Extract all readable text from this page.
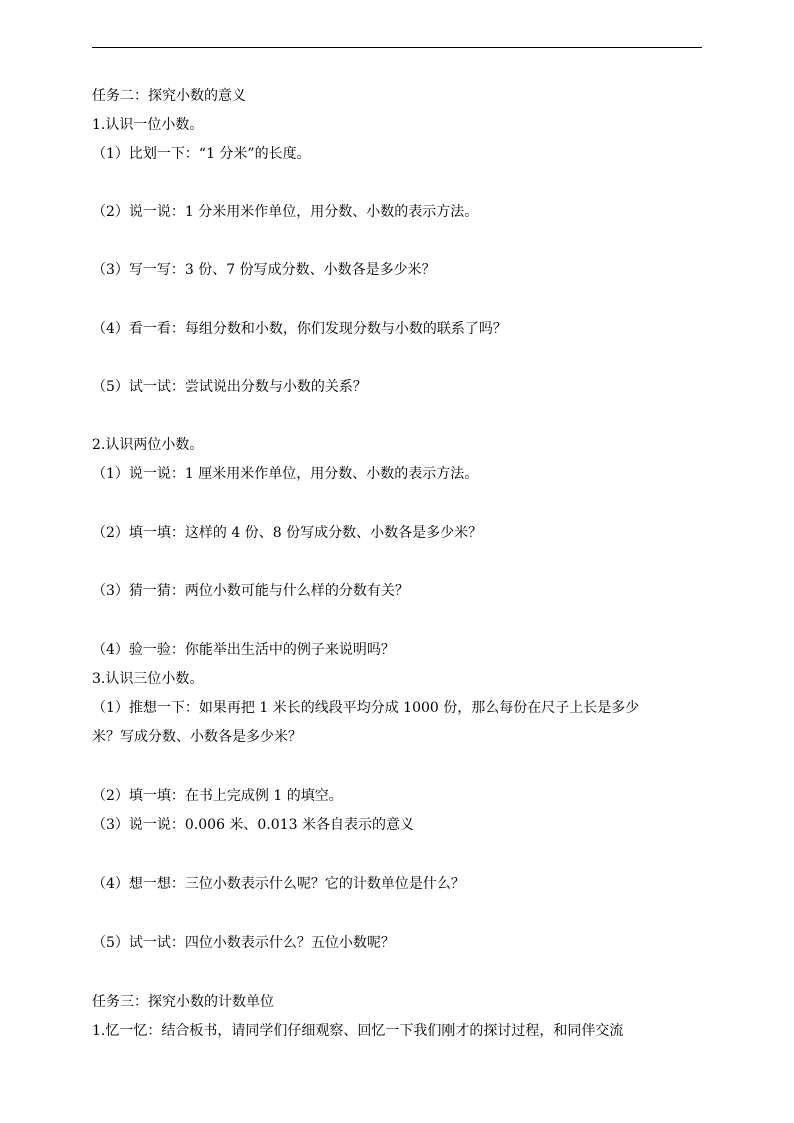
任务二：探究小数的意义
1.认识一位小数。
（1）比划一下：“1 分米”的长度。
（2）说一说：1 分米用米作单位，用分数、小数的表示方法。
（3）写一写：3 份、7 份写成分数、小数各是多少米？
（4）看一看：每组分数和小数，你们发现分数与小数的联系了吗？
（5）试一试：尝试说出分数与小数的关系？
2.认识两位小数。
（1）说一说：1 厘米用米作单位，用分数、小数的表示方法。
（2）填一填：这样的 4 份、8 份写成分数、小数各是多少米？
（3）猜一猜：两位小数可能与什么样的分数有关？
（4）验一验：你能举出生活中的例子来说明吗？
3.认识三位小数。
（1）推想一下：如果再把 1 米长的线段平均分成 1000 份，那么每份在尺子上长是多少
米？写成分数、小数各是多少米？
（2）填一填：在书上完成例 1 的填空。
（3）说一说：0.006 米、0.013 米各自表示的意义
（4）想一想：三位小数表示什么呢？它的计数单位是什么？
（5）试一试：四位小数表示什么？五位小数呢？
任务三：探究小数的计数单位
1.忆一忆：结合板书，请同学们仔细观察、回忆一下我们刚才的探讨过程，和同伴交流
